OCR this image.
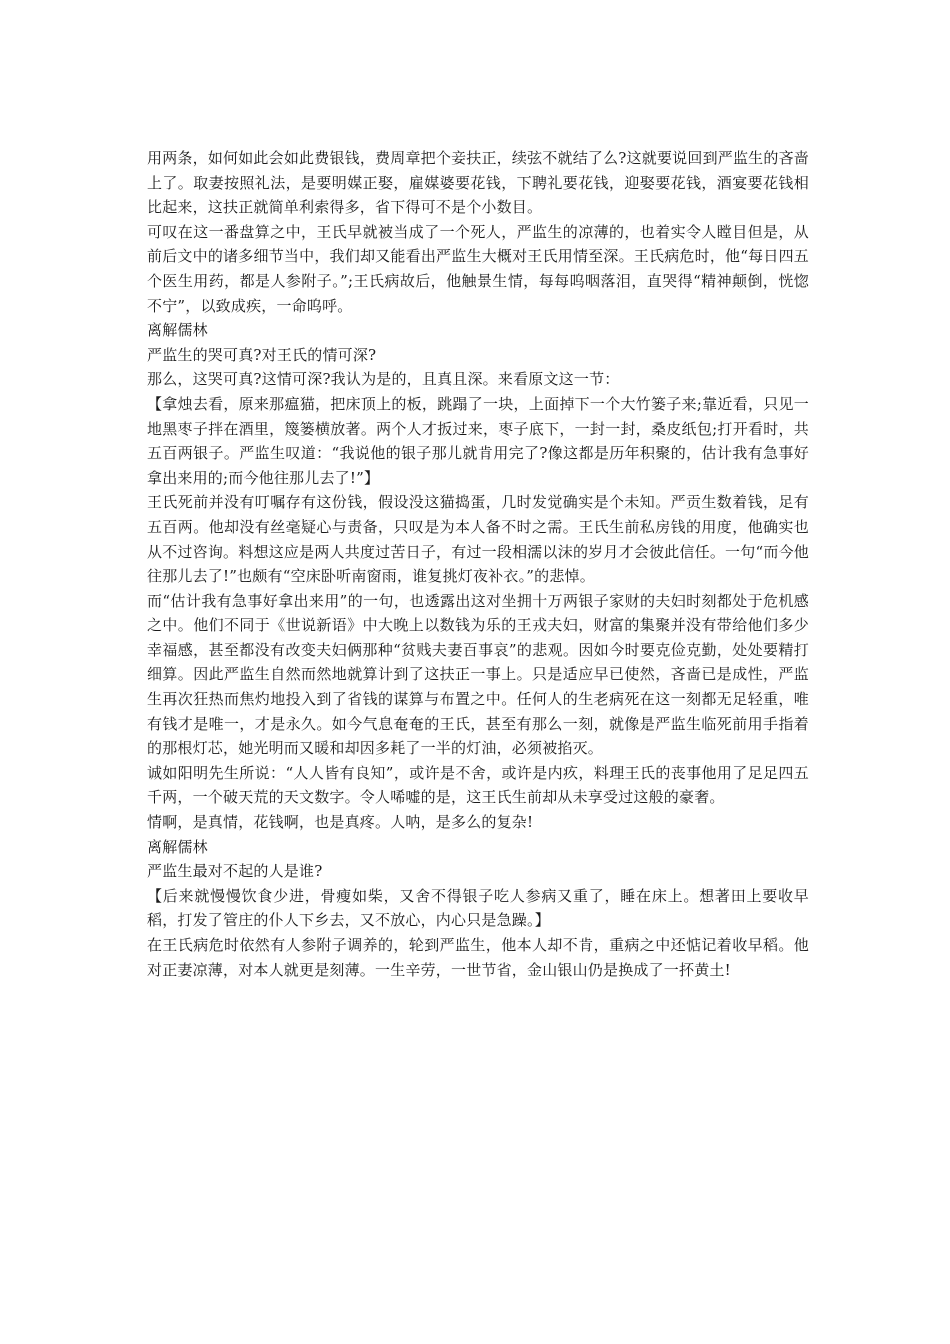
用两条，如何如此会如此费银钱，费周章把个妾扶正，续弦不就结了么?这就要说回到严监生的吝啬上了。取妻按照礼法，是要明媒正娶，雇媒婆要花钱，下聘礼要花钱，迎娶要花钱，酒宴要花钱相比起来，这扶正就简单利索得多，省下得可不是个小数目。

可叹在这一番盘算之中，王氏早就被当成了一个死人，严监生的凉薄的，也着实令人瞠目但是，从前后文中的诸多细节当中，我们却又能看出严监生大概对王氏用情至深。王氏病危时，他“每日四五个医生用药，都是人参附子。”;王氏病故后，他触景生情，每每呜咽落泪，直哭得“精神颠倒，恍惚不宁”，以致成疾，一命呜呼。

离解儒林

严监生的哭可真?对王氏的情可深?

那么，这哭可真?这情可深?我认为是的，且真且深。来看原文这一节：

【拿烛去看，原来那瘟猫，把床顶上的板，跳蹋了一块，上面掉下一个大竹篓子来;靠近看，只见一地黑枣子拌在酒里，篾篓横放著。两个人才扳过来，枣子底下，一封一封，桑皮纸包;打开看时，共五百两银子。严监生叹道：“我说他的银子那儿就肯用完了?像这都是历年积聚的，估计我有急事好拿出来用的;而今他往那儿去了!”】

王氏死前并没有叮嘱存有这份钱，假设没这猫捣蛋，几时发觉确实是个未知。严贡生数着钱，足有五百两。他却没有丝毫疑心与责备，只叹是为本人备不时之需。王氏生前私房钱的用度，他确实也从不过咨询。料想这应是两人共度过苦日子，有过一段相濡以沫的岁月才会彼此信任。一句“而今他往那儿去了!”也颇有“空床卧听南窗雨，谁复挑灯夜补衣。”的悲悼。

而“估计我有急事好拿出来用”的一句，也透露出这对坐拥十万两银子家财的夫妇时刻都处于危机感之中。他们不同于《世说新语》中大晚上以数钱为乐的王戎夫妇，财富的集聚并没有带给他们多少幸福感，甚至都没有改变夫妇俩那种“贫贱夫妻百事哀”的悲观。因如今时要克俭克勤，处处要精打细算。因此严监生自然而然地就算计到了这扶正一事上。只是适应早已使然，吝啬已是成性，严监生再次狂热而焦灼地投入到了省钱的谋算与布置之中。任何人的生老病死在这一刻都无足轻重，唯有钱才是唯一，才是永久。如今气息奄奄的王氏，甚至有那么一刻，就像是严监生临死前用手指着的那根灯芯，她光明而又暖和却因多耗了一半的灯油，必须被掐灭。

诚如阳明先生所说：“人人皆有良知”，或许是不舍，或许是内疚，料理王氏的丧事他用了足足四五千两，一个破天荒的天文数字。令人唏嘘的是，这王氏生前却从未享受过这般的豪奢。

情啊，是真情，花钱啊，也是真疼。人呐，是多么的复杂!

离解儒林

严监生最对不起的人是谁?

【后来就慢慢饮食少进，骨瘦如柴，又舍不得银子吃人参病又重了，睡在床上。想著田上要收早稻，打发了管庄的仆人下乡去，又不放心，内心只是急躁。】

在王氏病危时依然有人参附子调养的，轮到严监生，他本人却不肯，重病之中还惦记着收早稻。他对正妻凉薄，对本人就更是刻薄。一生辛劳，一世节省，金山银山仍是换成了一抔黄土!
